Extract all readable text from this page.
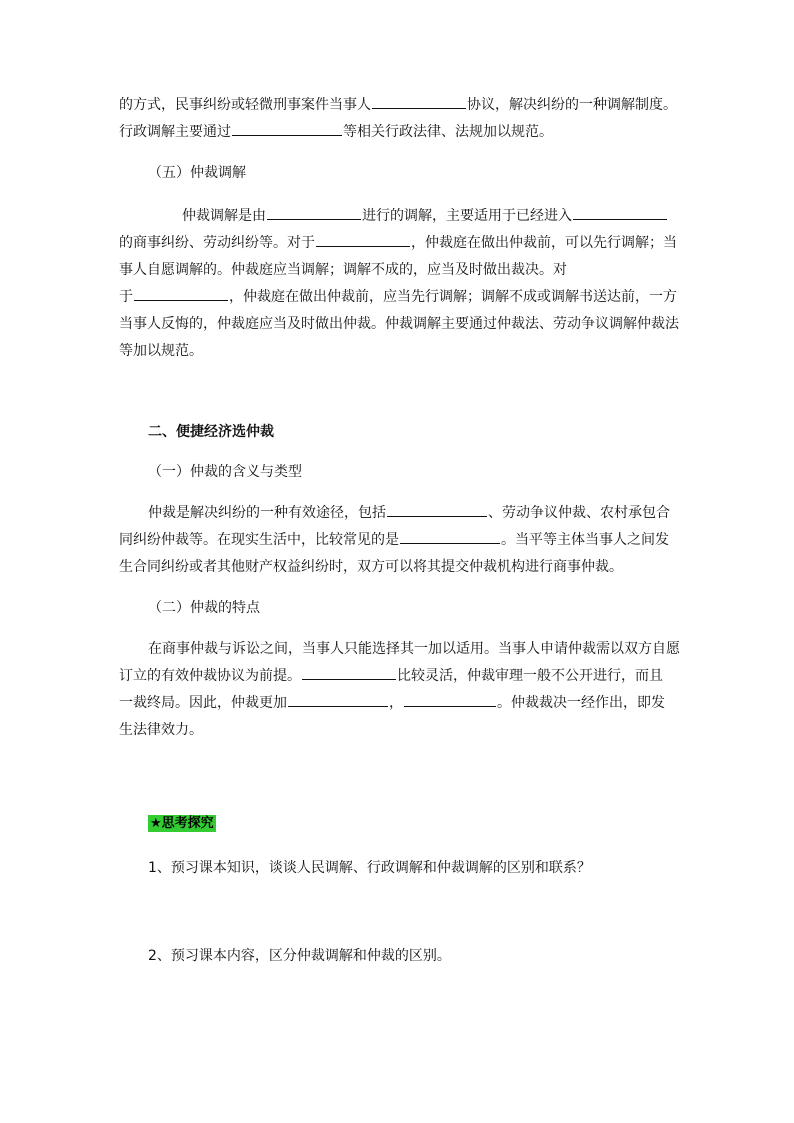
的方式，民事纠纷或轻微刑事案件当事人	协议，解决纠纷的一种调解制度。
行政调解主要通过	等相关行政法律、法规加以规范。
（五）仲裁调解
仲裁调解是由	进行的调解，主要适用于已经进入
的商事纠纷、劳动纠纷等。对于	，仲裁庭在做出仲裁前，可以先行调解；当
事人自愿调解的。仲裁庭应当调解；调解不成的，应当及时做出裁决。对
于	，仲裁庭在做出仲裁前，应当先行调解；调解不成或调解书送达前，一方
当事人反悔的，仲裁庭应当及时做出仲裁。仲裁调解主要通过仲裁法、劳动争议调解仲裁法
等加以规范。
二、便捷经济选仲裁
（一）仲裁的含义与类型
仲裁是解决纠纷的一种有效途径，包括	、劳动争议仲裁、农村承包合
同纠纷仲裁等。在现实生活中，比较常见的是	。当平等主体当事人之间发
生合同纠纷或者其他财产权益纠纷时，双方可以将其提交仲裁机构进行商事仲裁。
（二）仲裁的特点
在商事仲裁与诉讼之间，当事人只能选择其一加以适用。当事人申请仲裁需以双方自愿
订立的有效仲裁协议为前提。	比较灵活，仲裁审理一般不公开进行，而且
一裁终局。因此，仲裁更加	，	。仲裁裁决一经作出，即发
生法律效力。
★思考探究
1、预习课本知识，谈谈人民调解、行政调解和仲裁调解的区别和联系？
2、预习课本内容，区分仲裁调解和仲裁的区别。
